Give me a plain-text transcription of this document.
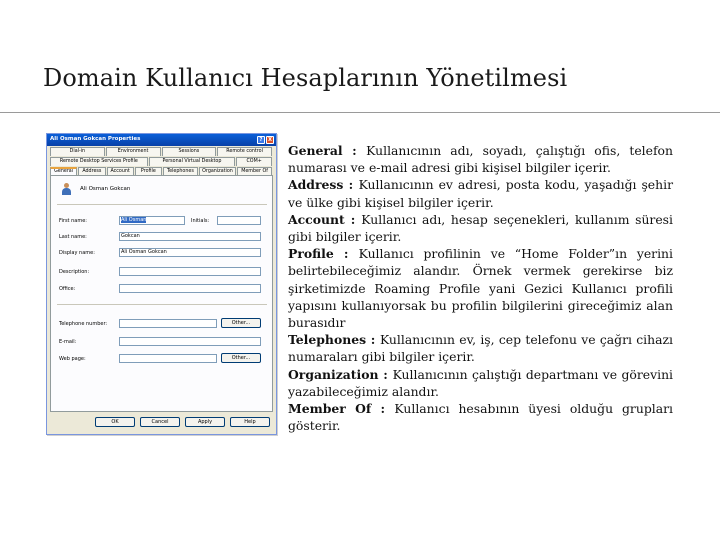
Domain Kullanıcı Hesaplarının Yönetilmesi
Ali Osman Gokcan Properties	?	X
Dial-in	Environment	Sessions	Remote control
Remote Desktop Services Profile	Personal Virtual Desktop	COM+
General	Address	Account	Profile	Telephones	Organization	Member Of
Ali Osman Gokcan
First name:	Ali Osman	Initials:
Last name:	Gokcan
Display name:	Ali Osman Gokcan
Description:
Office:
Telephone number:	Other...
E-mail:
Web page:	Other...
OK	Cancel	Apply	Help

General : Kullanıcının adı, soyadı, çalıştığı ofis, telefon numarası ve e-mail adresi gibi kişisel bilgiler içerir.

Address : Kullanıcının ev adresi, posta kodu, yaşadığı şehir ve ülke gibi kişisel bilgiler içerir.

Account : Kullanıcı adı, hesap seçenekleri, kullanım süresi gibi bilgiler içerir.

Profile : Kullanıcı profilinin ve “Home Folder”ın yerini belirtebileceğimiz alandır. Örnek vermek gerekirse biz şirketimizde Roaming Profile yani Gezici Kullanıcı profili yapısını kullanıyorsak bu profilin bilgilerini gireceğimiz alan burasıdır

Telephones : Kullanıcının ev, iş, cep telefonu ve çağrı cihazı numaraları gibi bilgiler içerir.

Organization : Kullanıcının çalıştığı departmanı ve görevini yazabileceğimiz alandır.

Member Of : Kullanıcı hesabının üyesi olduğu grupları gösterir.
